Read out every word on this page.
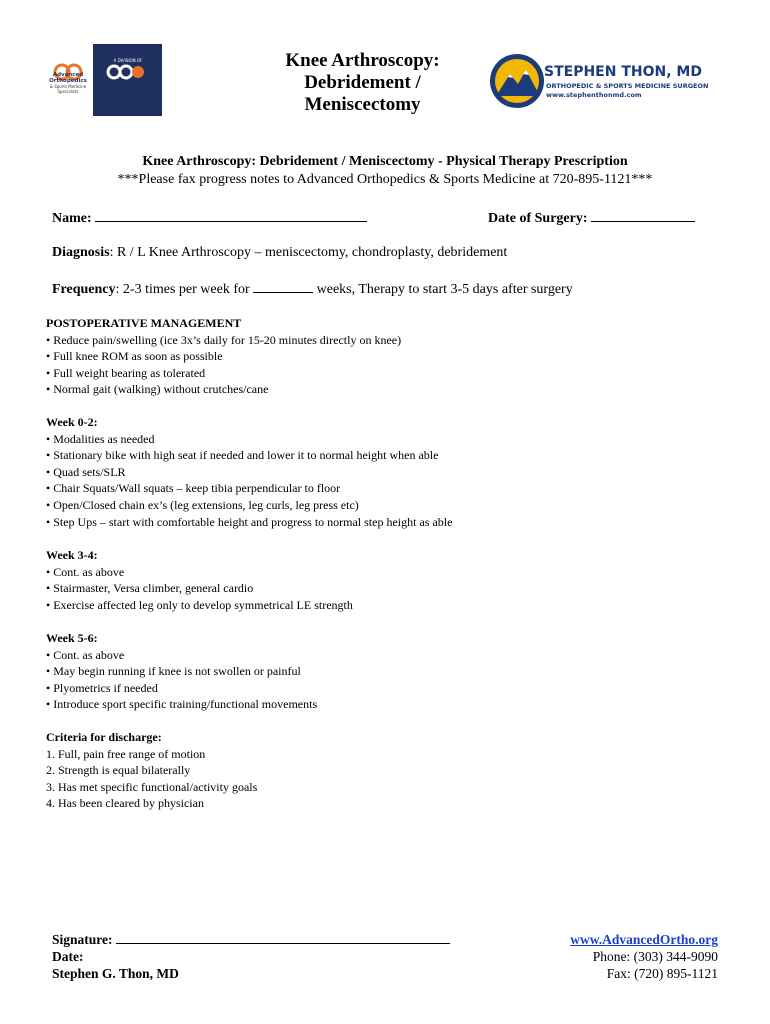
Advanced Orthopedics
& Sports Medicine Specialists
A DIVISION OF	Knee Arthroscopy:
Debridement /
Meniscectomy
STEPHEN THON, MD
ORTHOPEDIC & SPORTS MEDICINE SURGEON
www.stephenthonmd.com
Knee Arthroscopy: Debridement / Meniscectomy - Physical Therapy Prescription
***Please fax progress notes to Advanced Orthopedics & Sports Medicine at 720-895-1121***
Name:	Date of Surgery:
Diagnosis: R / L Knee Arthroscopy – meniscectomy, chondroplasty, debridement
Frequency: 2-3 times per week for	weeks, Therapy to start 3-5 days after surgery
POSTOPERATIVE MANAGEMENT
• Reduce pain/swelling (ice 3x’s daily for 15-20 minutes directly on knee)
• Full knee ROM as soon as possible
• Full weight bearing as tolerated
• Normal gait (walking) without crutches/cane
Week 0-2:
• Modalities as needed
• Stationary bike with high seat if needed and lower it to normal height when able
• Quad sets/SLR
• Chair Squats/Wall squats – keep tibia perpendicular to floor
• Open/Closed chain ex’s (leg extensions, leg curls, leg press etc)
• Step Ups – start with comfortable height and progress to normal step height as able
Week 3-4:
• Cont. as above
• Stairmaster, Versa climber, general cardio
• Exercise affected leg only to develop symmetrical LE strength
Week 5-6:
• Cont. as above
• May begin running if knee is not swollen or painful
• Plyometrics if needed
• Introduce sport specific training/functional movements
Criteria for discharge:
1. Full, pain free range of motion
2. Strength is equal bilaterally
3. Has met specific functional/activity goals
4. Has been cleared by physician
Signature:
Date:
Stephen G. Thon, MD
www.AdvancedOrtho.org
Phone: (303) 344-9090
Fax: (720) 895-1121
